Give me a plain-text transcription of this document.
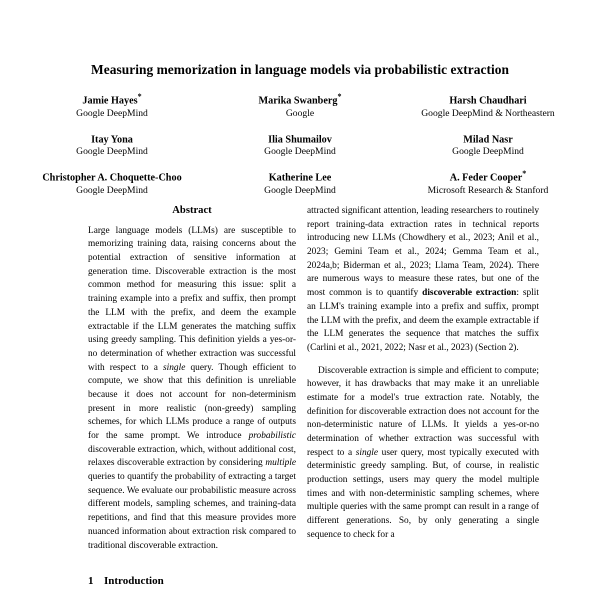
Measuring memorization in language models via probabilistic extraction
Jamie Hayes*
Google DeepMind
Marika Swanberg*
Google
Harsh Chaudhari
Google DeepMind & Northeastern
Itay Yona
Google DeepMind
Ilia Shumailov
Google DeepMind
Milad Nasr
Google DeepMind
Christopher A. Choquette-Choo
Google DeepMind
Katherine Lee
Google DeepMind
A. Feder Cooper*
Microsoft Research & Stanford
Abstract

Large language models (LLMs) are susceptible to memorizing training data, raising concerns about the potential extraction of sensitive information at generation time. Discoverable extraction is the most common method for measuring this issue: split a training example into a prefix and suffix, then prompt the LLM with the prefix, and deem the example extractable if the LLM generates the matching suffix using greedy sampling. This definition yields a yes-or-no determination of whether extraction was successful with respect to a single query. Though efficient to compute, we show that this definition is unreliable because it does not account for non-determinism present in more realistic (non-greedy) sampling schemes, for which LLMs produce a range of outputs for the same prompt. We introduce probabilistic discoverable extraction, which, without additional cost, relaxes discoverable extraction by considering multiple queries to quantify the probability of extracting a target sequence. We evaluate our probabilistic measure across different models, sampling schemes, and training-data repetitions, and find that this measure provides more nuanced information about extraction risk compared to traditional discoverable extraction.

attracted significant attention, leading researchers to routinely report training-data extraction rates in technical reports introducing new LLMs (Chowdhery et al., 2023; Anil et al., 2023; Gemini Team et al., 2024; Gemma Team et al., 2024a,b; Biderman et al., 2023; Llama Team, 2024). There are numerous ways to measure these rates, but one of the most common is to quantify discoverable extraction: split an LLM's training example into a prefix and suffix, prompt the LLM with the prefix, and deem the example extractable if the LLM generates the sequence that matches the suffix (Carlini et al., 2021, 2022; Nasr et al., 2023) (Section 2).

Discoverable extraction is simple and efficient to compute; however, it has drawbacks that may make it an unreliable estimate for a model's true extraction rate. Notably, the definition for discoverable extraction does not account for the non-deterministic nature of LLMs. It yields a yes-or-no determination of whether extraction was successful with respect to a single user query, most typically executed with deterministic greedy sampling. But, of course, in realistic production settings, users may query the model multiple times and with non-deterministic sampling schemes, where multiple queries with the same prompt can result in a range of different generations. So, by only generating a single sequence to check for a

1 Introduction
